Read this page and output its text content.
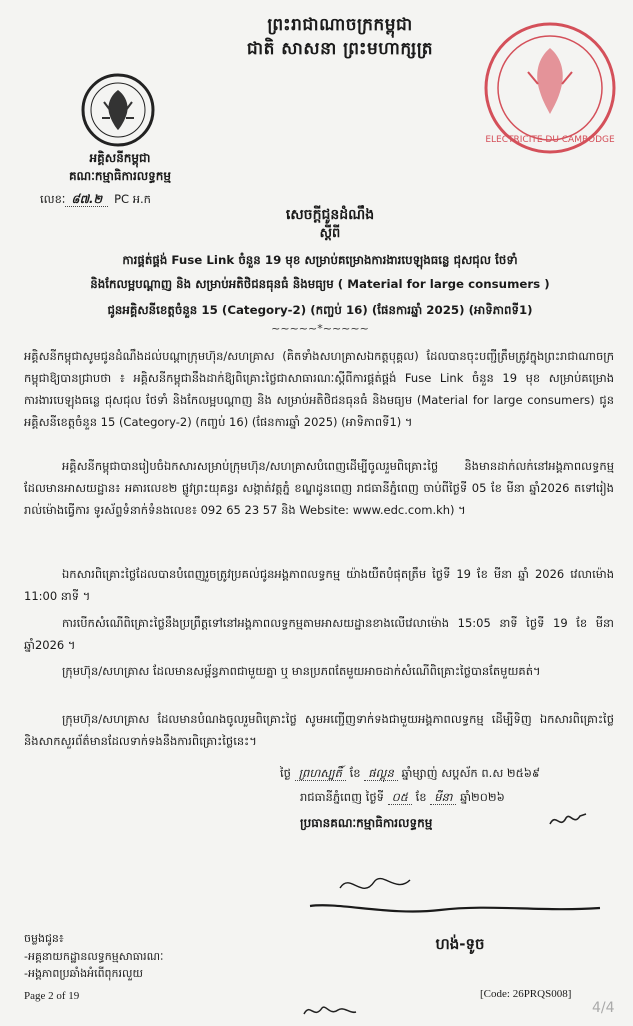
ព្រះរាជាណាចក្រកម្ពុជា
ជាតិ សាសនា ព្រះមហាក្សត្រ
អគ្គិសនីកម្ពុជា
គណៈកម្មាធិការលទ្ធកម្ម
លេខៈ ៨៧.២ PC អ.ក
ELECTRICITE DU CAMBODGE
សេចក្ដីជូនដំណឹង
ស្ដីពី
ការផ្គត់ផ្គង់ Fuse Link ចំនួន 19 មុខ សម្រាប់គម្រោងការងារបេឡុងធន្លេ ជុសជុល ថែទាំ
និងកែលម្អបណ្ដាញ និង សម្រាប់អតិថិជនធុនធំ និងមធ្យម ( Material for large consumers )
ជូនអគ្គិសនីខេត្តចំនួន 15 (Category-2) (កញ្ចប់ 16) (ផែនការឆ្នាំ 2025) (អាទិភាពទី1)
~~~~~*~~~~~
អគ្គិសនីកម្ពុជាសូមជូនដំណឹងដល់បណ្ដាក្រុមហ៊ុន/សហគ្រាស (គិតទាំងសហគ្រាសឯកត្តបុគ្គល) ដែលបានចុះបញ្ជីត្រឹមត្រូវក្នុងព្រះរាជាណាចក្រកម្ពុជាឱ្យបានជ្រាបថា ៖ អគ្គិសនីកម្ពុជានឹងដាក់ឱ្យពិគ្រោះថ្លៃជាសាធារណៈស្ដីពីការផ្គត់ផ្គង់ Fuse Link ចំនួន 19 មុខ សម្រាប់គម្រោងការងារបេឡុងធន្លេ ជុសជុល ថែទាំ និងកែលម្អបណ្ដាញ និង សម្រាប់អតិថិជនធុនធំ និងមធ្យម (Material for large consumers) ជូនអគ្គិសនីខេត្តចំនួន 15 (Category-2) (កញ្ចប់ 16) (ផែនការឆ្នាំ 2025) (អាទិភាពទី1) ។
អគ្គិសនីកម្ពុជាបានរៀបចំឯកសារសម្រាប់ក្រុមហ៊ុន/សហគ្រាសបំពេញដើម្បីចូលរួមពិគ្រោះថ្លៃ និងមានដាក់លក់នៅអង្គភាពលទ្ធកម្ម ដែលមានអាសយដ្ឋាន៖ អគារលេខ២ ផ្លូវព្រះយុគន្ធរ សង្កាត់វត្តភ្នំ ខណ្ឌដូនពេញ រាជធានីភ្នំពេញ ចាប់ពីថ្ងៃទី 05 ខែ មីនា ឆ្នាំ2026 តទៅរៀងរាល់ម៉ោងធ្វើការ ទូរស័ព្ទទំនាក់ទំនងលេខ៖ 092 65 23 57 និង Website: www.edc.com.kh) ។
ឯកសារពិគ្រោះថ្លៃដែលបានបំពេញរួចត្រូវប្រគល់ជូនអង្គភាពលទ្ធកម្ម យ៉ាងយឺតបំផុតត្រឹម ថ្ងៃទី 19 ខែ មីនា ឆ្នាំ 2026 វេលាម៉ោង 11:00 នាទី ។
ការបើកសំណើពិគ្រោះថ្លៃនឹងប្រព្រឹត្តទៅនៅអង្គភាពលទ្ធកម្មតាមអាសយដ្ឋានខាងលើវេលាម៉ោង 15:05 នាទី ថ្ងៃទី 19 ខែ មីនា ឆ្នាំ2026 ។
ក្រុមហ៊ុន/សហគ្រាស ដែលមានសម្ព័ន្ធភាពជាមួយគ្នា ឬ មានប្រភពតែមួយអាចដាក់សំណើពិគ្រោះថ្លៃបានតែមួយគត់។
ក្រុមហ៊ុន/សហគ្រាស ដែលមានបំណងចូលរួមពិគ្រោះថ្លៃ សូមអញ្ជើញទាក់ទងជាមួយអង្គភាពលទ្ធកម្ម ដើម្បីទិញ ឯកសារពិគ្រោះថ្លៃ និងសាកសួរព័ត៌មានដែលទាក់ទងនឹងការពិគ្រោះថ្លៃនេះ។
ថ្ងៃ ព្រហស្បតិ៍ ខែ ផល្គុន ឆ្នាំម្សាញ់ សប្តស័ក ព.ស ២៥៦៩
រាជធានីភ្នំពេញ ថ្ងៃទី ០៥ ខែ មីនា ឆ្នាំ២០២៦
ប្រធានគណៈកម្មាធិការលទ្ធកម្ម
ហង់-ទូច
ចម្លងជូន៖
-អគ្គនាយកដ្ឋានលទ្ធកម្មសាធារណៈ
-អង្គភាពប្រឆាំងអំពើពុករលួយ
Page 2 of 19	[Code: 26PRQS008]
4/4
